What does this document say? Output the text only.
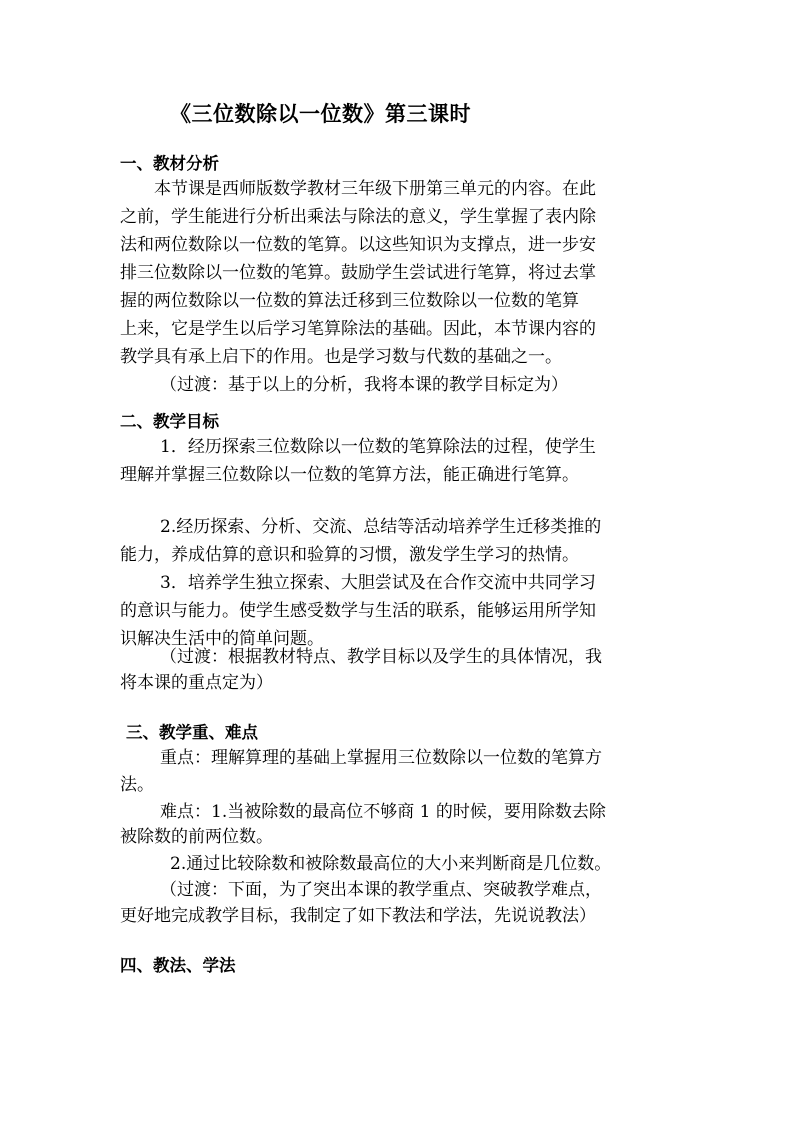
《三位数除以一位数》第三课时
一、教材分析
本节课是西师版数学教材三年级下册第三单元的内容。在此
之前，学生能进行分析出乘法与除法的意义，学生掌握了表内除
法和两位数除以一位数的笔算。以这些知识为支撑点，进一步安
排三位数除以一位数的笔算。鼓励学生尝试进行笔算，将过去掌
握的两位数除以一位数的算法迁移到三位数除以一位数的笔算
上来，它是学生以后学习笔算除法的基础。因此，本节课内容的
教学具有承上启下的作用。也是学习数与代数的基础之一。
（过渡：基于以上的分析，我将本课的教学目标定为）
二、教学目标
1．经历探索三位数除以一位数的笔算除法的过程，使学生
理解并掌握三位数除以一位数的笔算方法，能正确进行笔算。
2.经历探索、分析、交流、总结等活动培养学生迁移类推的
能力，养成估算的意识和验算的习惯，激发学生学习的热情。
3．培养学生独立探索、大胆尝试及在合作交流中共同学习
的意识与能力。使学生感受数学与生活的联系，能够运用所学知
识解决生活中的简单问题。
（过渡：根据教材特点、教学目标以及学生的具体情况，我
将本课的重点定为）
三、教学重、难点
重点：理解算理的基础上掌握用三位数除以一位数的笔算方
法。
难点：1.当被除数的最高位不够商 1 的时候，要用除数去除
被除数的前两位数。
2.通过比较除数和被除数最高位的大小来判断商是几位数。
（过渡：下面，为了突出本课的教学重点、突破教学难点，
更好地完成教学目标，我制定了如下教法和学法，先说说教法）
四、教法、学法
